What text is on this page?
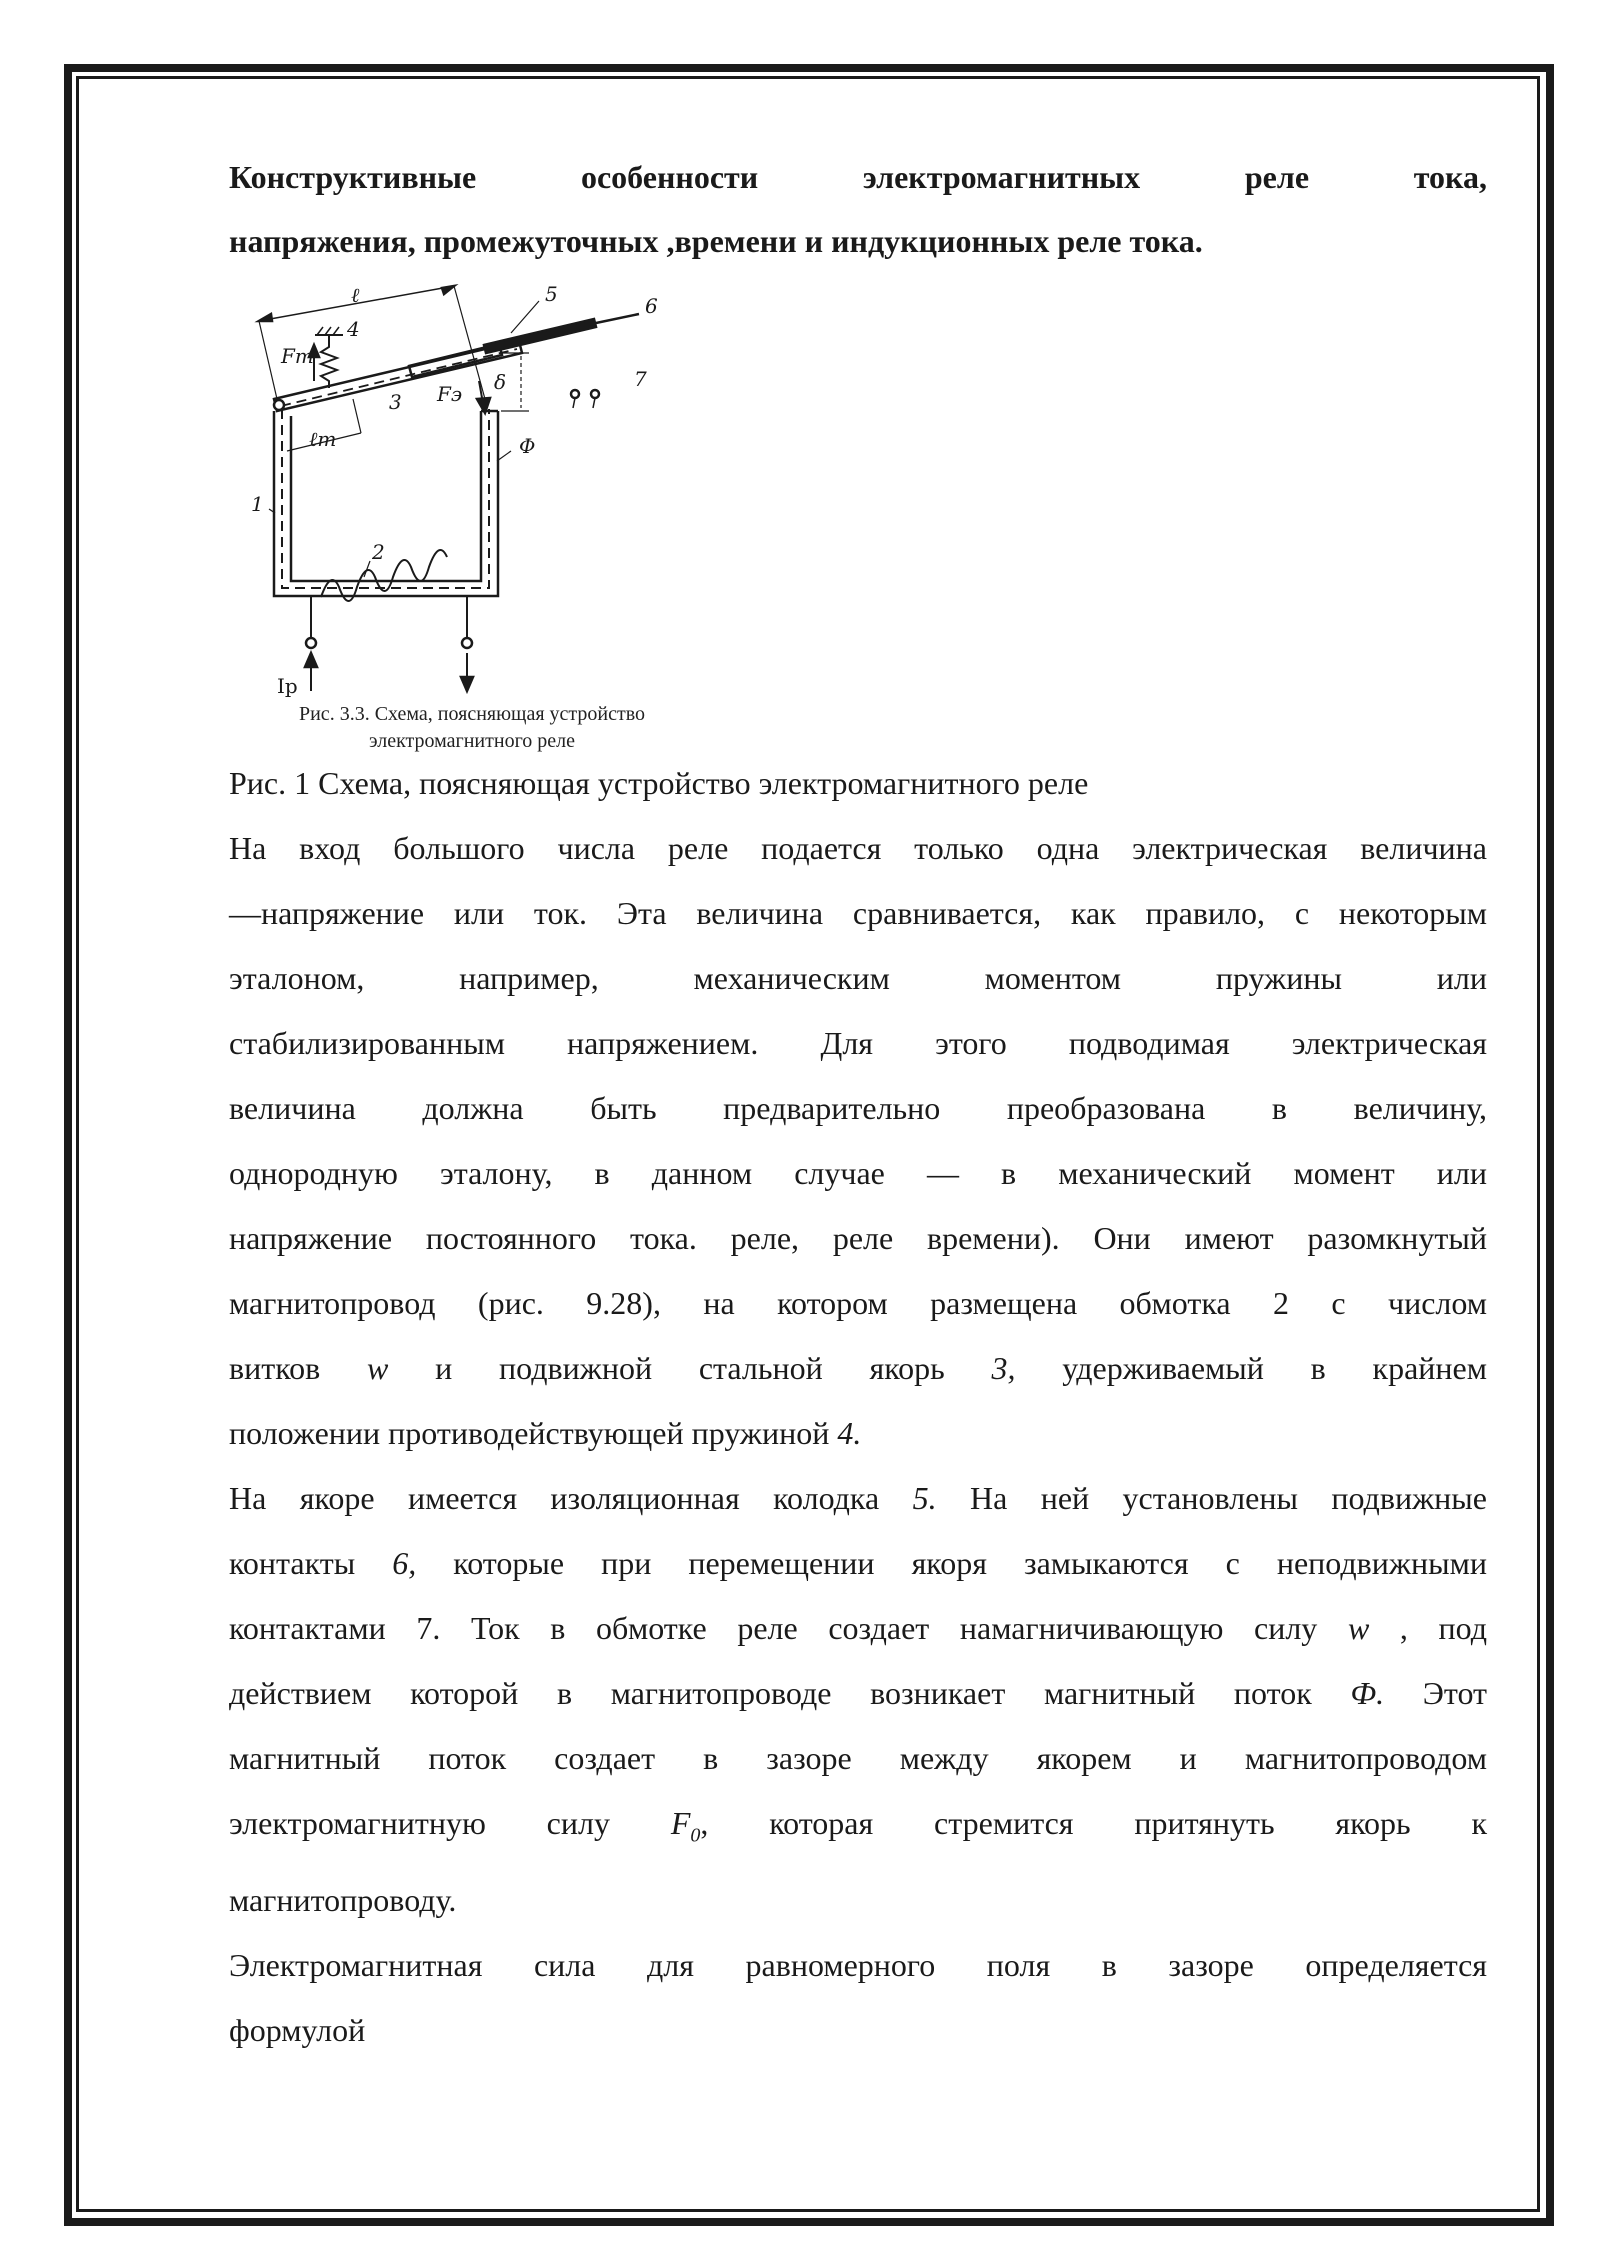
Конструктивные особенности электромагнитных реле тока,
напряжения, промежуточных ,времени и индукционных реле тока.
ℓ	5	6
4
Fт
3 Fэ δ	7
ℓт	Φ
1
2
Iр
Рис. 3.3. Схема, поясняющая устройство
электромагнитного реле

Рис. 1 Схема, поясняющая устройство электромагнитного реле

На вход большого числа реле подается только одна электрическая величина
—напряжение или ток. Эта величина сравнивается, как правило, с некоторым
эталоном, например, механическим моментом пружины или
стабилизированным напряжением. Для этого подводимая электрическая
величина должна быть предварительно преобразована в величину,
однородную эталону, в данном случае — в механический момент или
напряжение постоянного тока. реле, реле времени). Они имеют разомкнутый
магнитопровод (рис. 9.28), на котором размещена обмотка 2 с числом
витков w и подвижной стальной якорь 3, удерживаемый в крайнем
положении противодействующей пружиной 4.

На якоре имеется изоляционная колодка 5. На ней установлены подвижные
контакты 6, которые при перемещении якоря замыкаются с неподвижными
контактами 7. Ток в обмотке реле создает намагничивающую силу w , под
действием которой в магнитопроводе возникает магнитный поток Ф. Этот
магнитный поток создает в зазоре между якорем и магнитопроводом
электромагнитную силу $F_0$, которая стремится притянуть якорь к
магнитопроводу.

Электромагнитная сила для равномерного поля в зазоре определяется
формулой
